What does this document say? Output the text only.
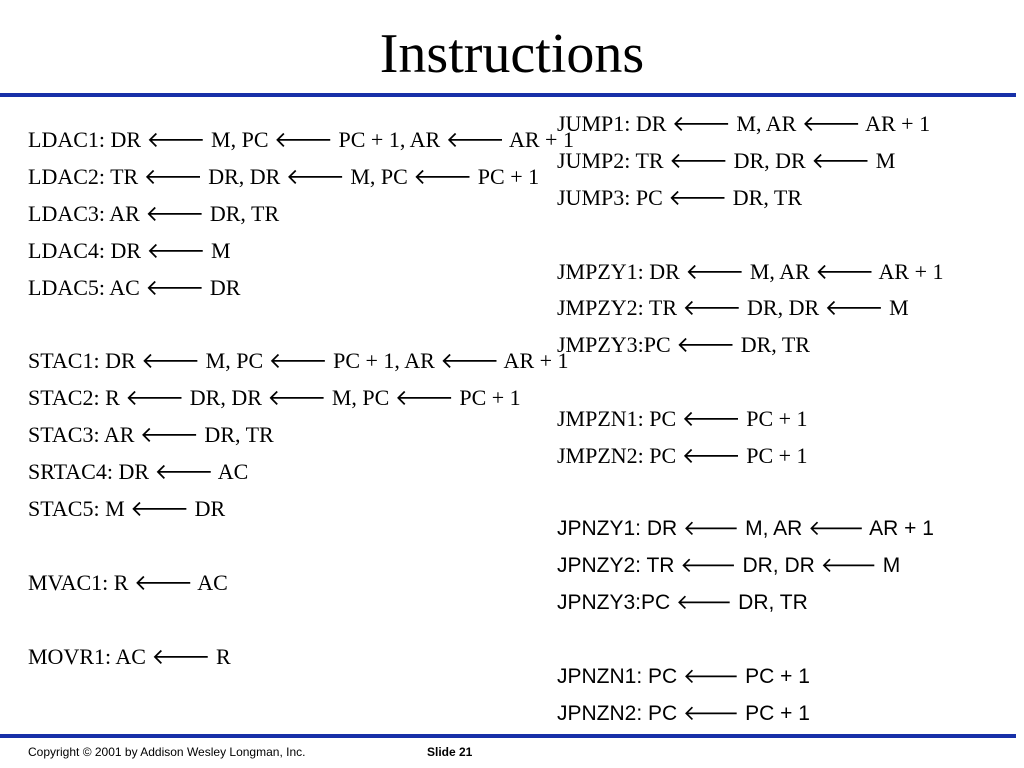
Instructions
LDAC1: DR 🡐 M, PC 🡐 PC + 1, AR 🡐 AR + 1
LDAC2: TR 🡐 DR, DR 🡐 M, PC 🡐 PC + 1
LDAC3: AR 🡐 DR, TR
LDAC4: DR 🡐 M
LDAC5: AC 🡐 DR
STAC1: DR 🡐 M, PC 🡐 PC + 1, AR 🡐 AR + 1
STAC2: R 🡐 DR, DR 🡐 M, PC 🡐 PC + 1
STAC3: AR 🡐 DR, TR
SRTAC4: DR 🡐 AC
STAC5: M 🡐 DR
MVAC1: R 🡐 AC
MOVR1: AC 🡐 R
JUMP1: DR 🡐 M, AR 🡐 AR + 1
JUMP2: TR 🡐 DR, DR 🡐 M
JUMP3: PC 🡐 DR, TR
JMPZY1: DR 🡐 M, AR 🡐 AR + 1
JMPZY2: TR 🡐 DR, DR 🡐 M
JMPZY3:PC 🡐 DR, TR
JMPZN1: PC 🡐 PC + 1
JMPZN2: PC 🡐 PC + 1
JPNZY1: DR 🡐 M, AR 🡐 AR + 1
JPNZY2: TR 🡐 DR, DR 🡐 M
JPNZY3:PC 🡐 DR, TR
JPNZN1: PC 🡐 PC + 1
JPNZN2: PC 🡐 PC + 1
Copyright © 2001 by Addison Wesley Longman, Inc.	Slide 21
